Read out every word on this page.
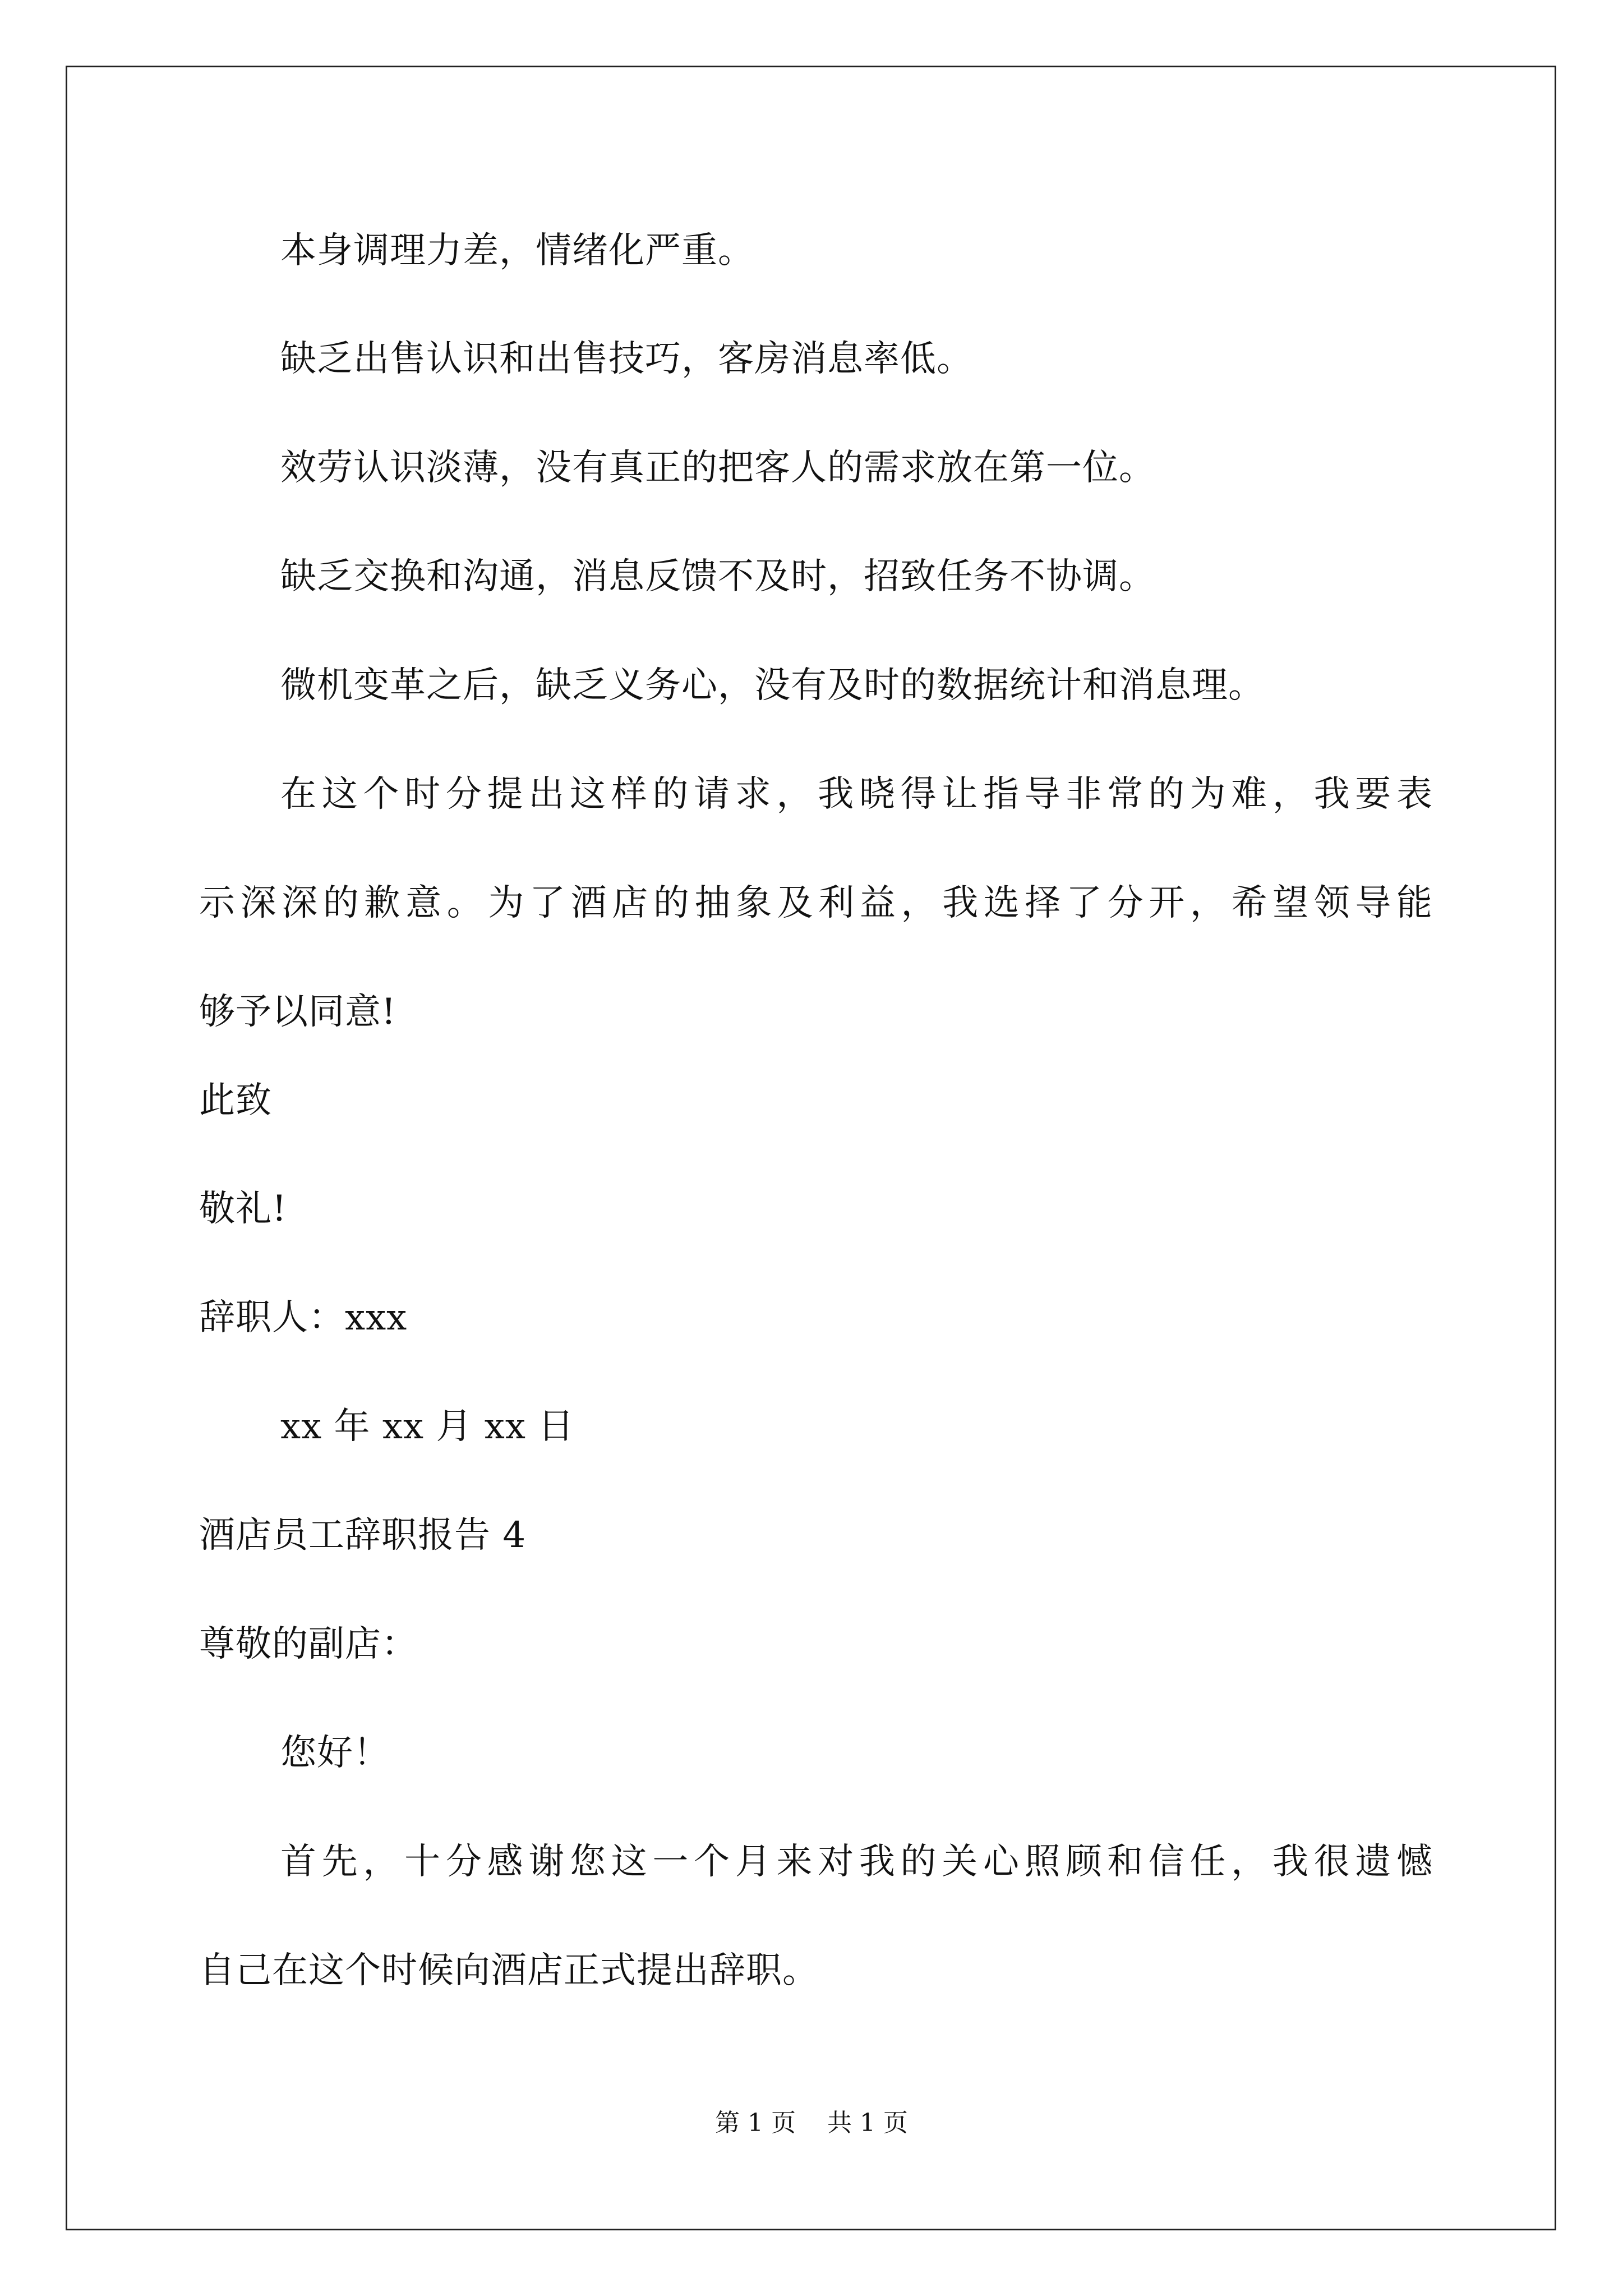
本身调理力差，情绪化严重。
缺乏出售认识和出售技巧，客房消息率低。
效劳认识淡薄，没有真正的把客人的需求放在第一位。
缺乏交换和沟通，消息反馈不及时，招致任务不协调。
微机变革之后，缺乏义务心，没有及时的数据统计和消息理。
在这个时分提出这样的请求，我晓得让指导非常的为难，我要表
示深深的歉意。为了酒店的抽象及利益，我选择了分开，希望领导能
够予以同意!
此致
敬礼!
辞职人：xxx
xx 年 xx 月 xx 日
酒店员工辞职报告 4
尊敬的副店：
您好！
首先，十分感谢您这一个月来对我的关心照顾和信任，我很遗憾
自己在这个时候向酒店正式提出辞职。
第 1 页    共 1 页
